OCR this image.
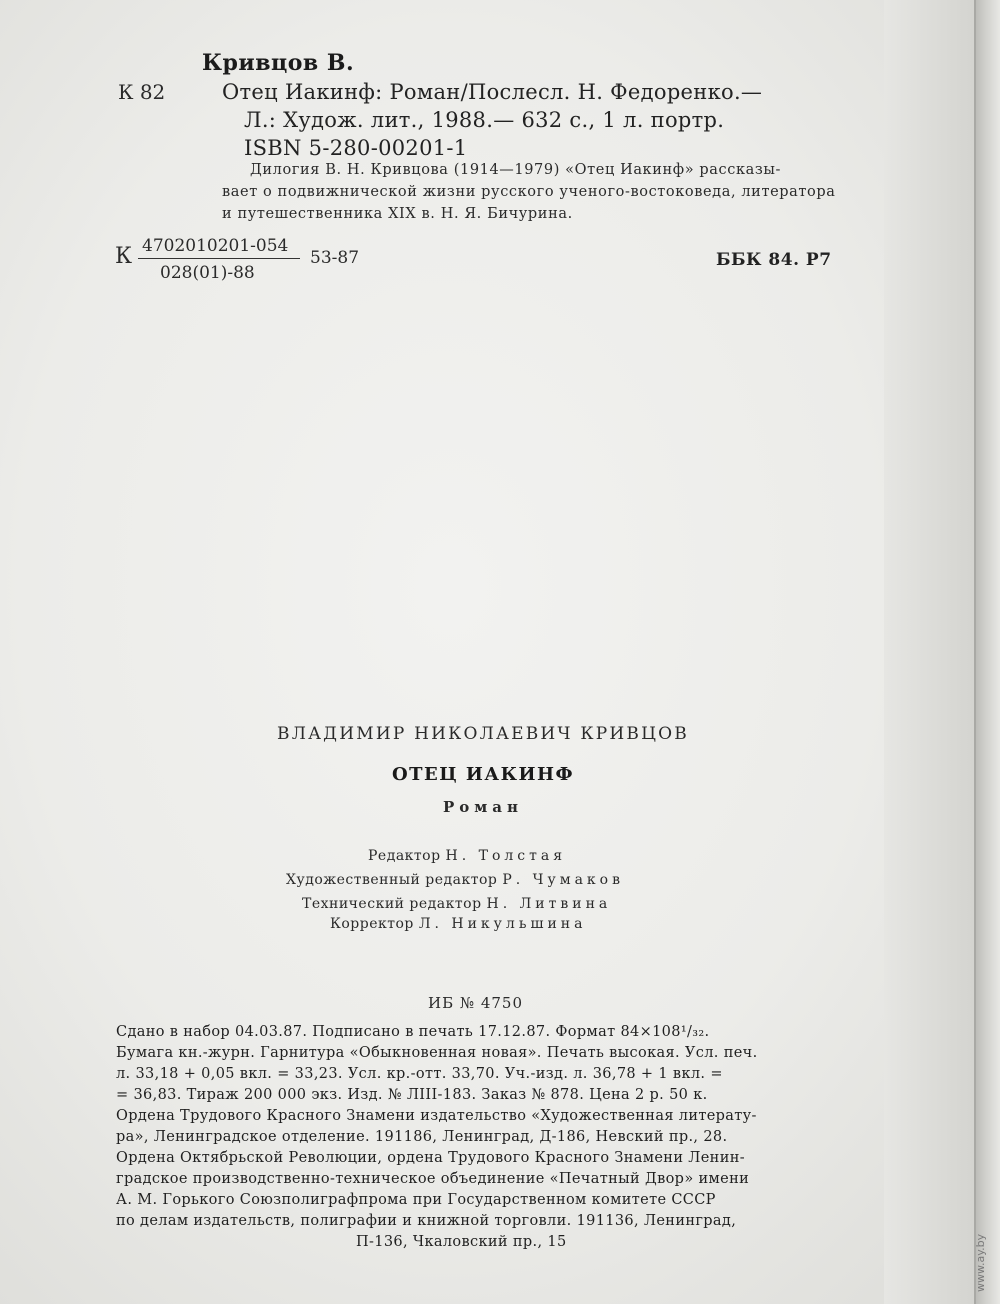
Кривцов В.
К 82	Отец Иакинф: Роман/Послесл. Н. Федоренко.—
Л.: Худож. лит., 1988.— 632 с., 1 л. портр.
ISBN 5-280-00201-1
Дилогия В. Н. Кривцова (1914—1979) «Отец Иакинф» рассказы-
вает о подвижнической жизни русского ученого-востоковеда, литератора
и путешественника XIX в. Н. Я. Бичурина.
К 4702010201-054
028(01)-88
53-87	ББК 84. Р7
ВЛАДИМИР НИКОЛАЕВИЧ КРИВЦОВ
ОТЕЦ ИАКИНФ
Роман
Редактор Н. Толстая
Художественный редактор Р. Чумаков
Технический редактор Н. Литвина
Корректор Л. Никульшина
ИБ № 4750
Сдано в набор 04.03.87. Подписано в печать 17.12.87. Формат 84×108¹/₃₂.
Бумага кн.-журн. Гарнитура «Обыкновенная новая». Печать высокая. Усл. печ.
л. 33,18 + 0,05 вкл. = 33,23. Усл. кр.-отт. 33,70. Уч.-изд. л. 36,78 + 1 вкл. =
= 36,83. Тираж 200 000 экз. Изд. № ЛIII-183. Заказ № 878. Цена 2 р. 50 к.
Ордена Трудового Красного Знамени издательство «Художественная литерату-
ра», Ленинградское отделение. 191186, Ленинград, Д-186, Невский пр., 28.
Ордена Октябрьской Революции, ордена Трудового Красного Знамени Ленин-
градское производственно-техническое объединение «Печатный Двор» имени
А. М. Горького Союзполиграфпрома при Государственном комитете СССР
по делам издательств, полиграфии и книжной торговли. 191136, Ленинград,
П-136, Чкаловский пр., 15	www.ay.by
